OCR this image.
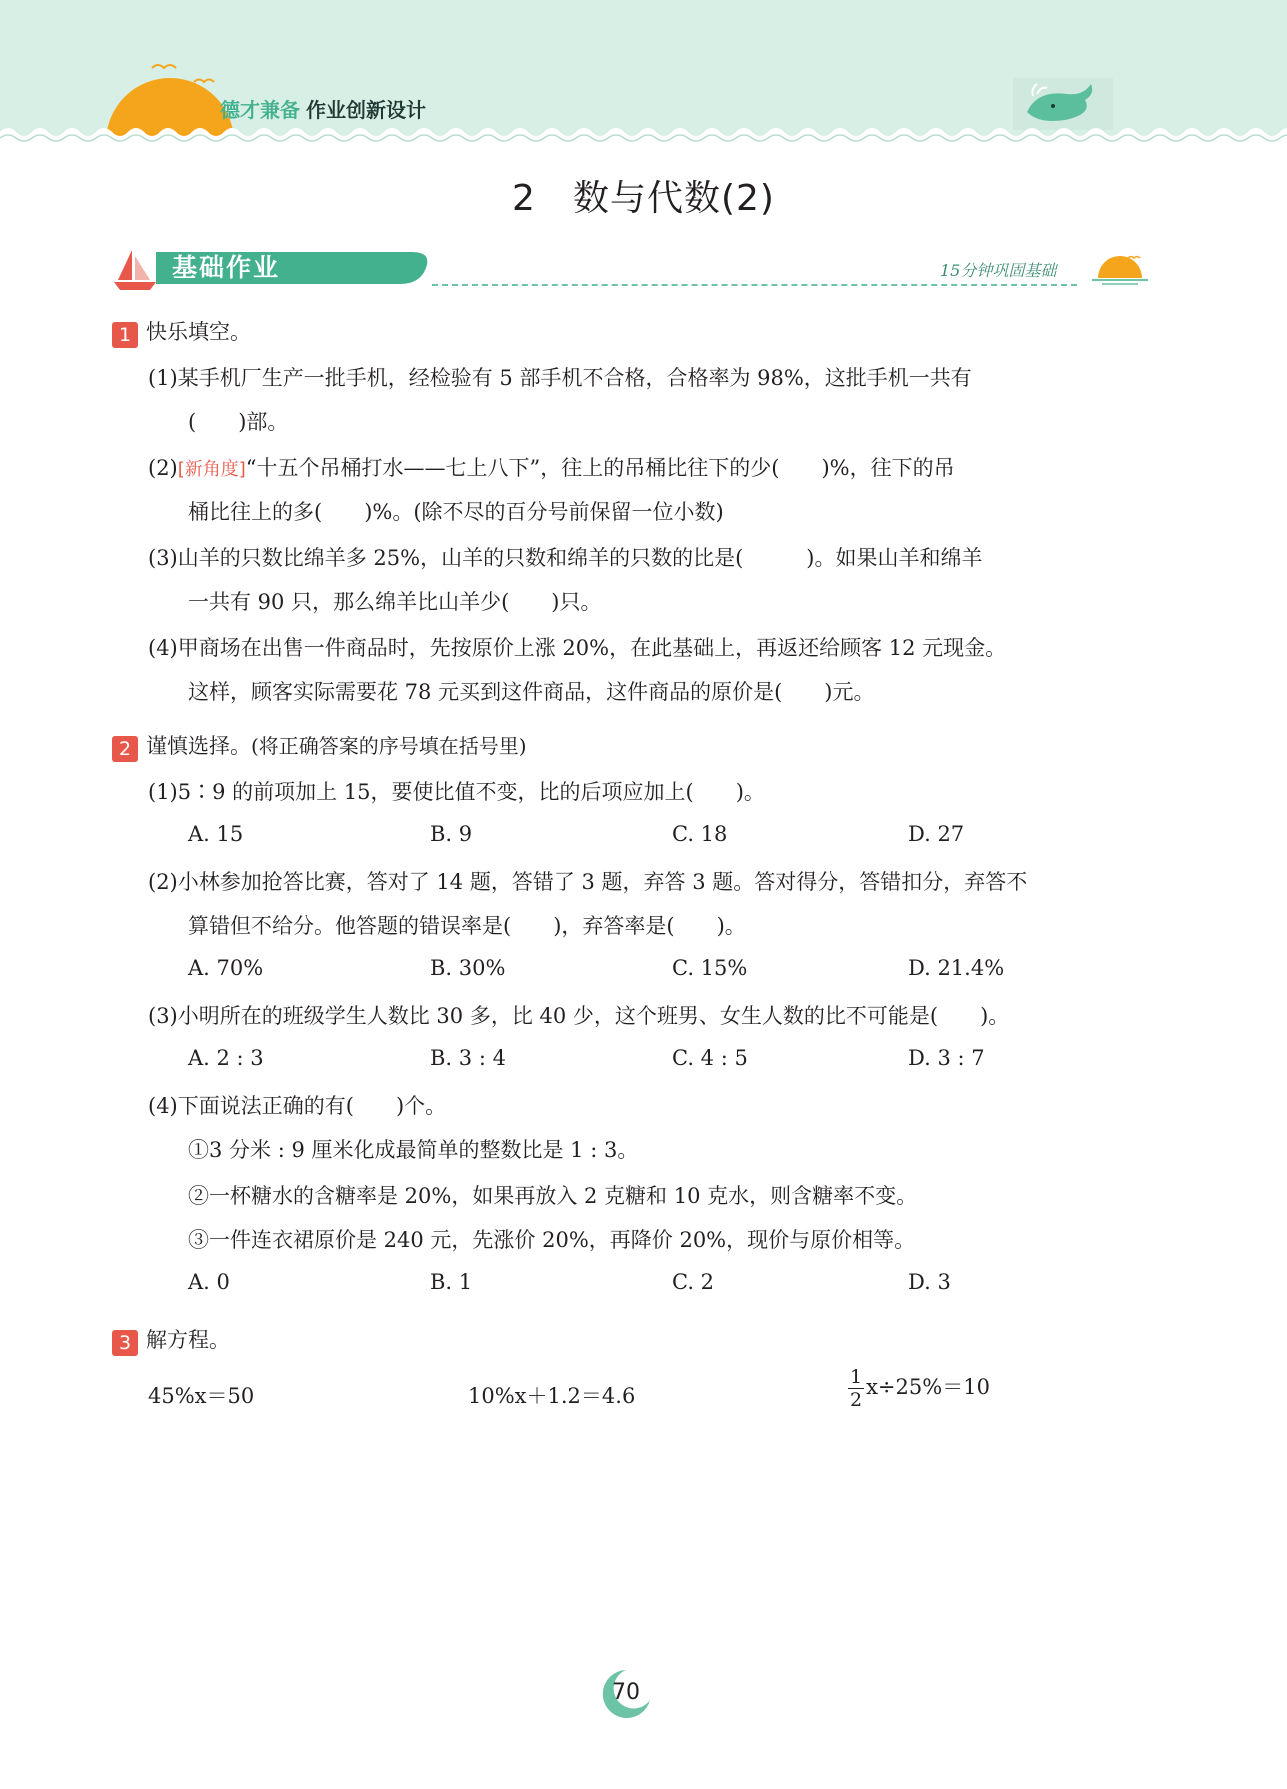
德才兼备 作业创新设计
2　数与代数(2)
基础作业	15分钟巩固基础
1 快乐填空。
(1)某手机厂生产一批手机，经检验有 5 部手机不合格，合格率为 98%，这批手机一共有
(　　)部。
(2)[新角度]“十五个吊桶打水——七上八下”，往上的吊桶比往下的少(　　)%，往下的吊
桶比往上的多(　　)%。(除不尽的百分号前保留一位小数)
(3)山羊的只数比绵羊多 25%，山羊的只数和绵羊的只数的比是(　　　)。如果山羊和绵羊
一共有 90 只，那么绵羊比山羊少(　　)只。
(4)甲商场在出售一件商品时，先按原价上涨 20%，在此基础上，再返还给顾客 12 元现金。
这样，顾客实际需要花 78 元买到这件商品，这件商品的原价是(　　)元。
2 谨慎选择。(将正确答案的序号填在括号里)
(1)5∶9 的前项加上 15，要使比值不变，比的后项应加上(　　)。
A. 15	B. 9	C. 18	D. 27
(2)小林参加抢答比赛，答对了 14 题，答错了 3 题，弃答 3 题。答对得分，答错扣分，弃答不
算错但不给分。他答题的错误率是(　　)，弃答率是(　　)。
A. 70%	B. 30%	C. 15%	D. 21.4%
(3)小明所在的班级学生人数比 30 多，比 40 少，这个班男、女生人数的比不可能是(　　)。
A. 2 : 3	B. 3 : 4	C. 4 : 5	D. 3 : 7
(4)下面说法正确的有(　　)个。
①3 分米 : 9 厘米化成最简单的整数比是 1 : 3。
②一杯糖水的含糖率是 20%，如果再放入 2 克糖和 10 克水，则含糖率不变。
③一件连衣裙原价是 240 元，先涨价 20%，再降价 20%，现价与原价相等。
A. 0	B. 1	C. 2	D. 3
3 解方程。
45%x＝50	10%x＋1.2＝4.6	$\frac{1}{2} x\div 25\%=10$
70
